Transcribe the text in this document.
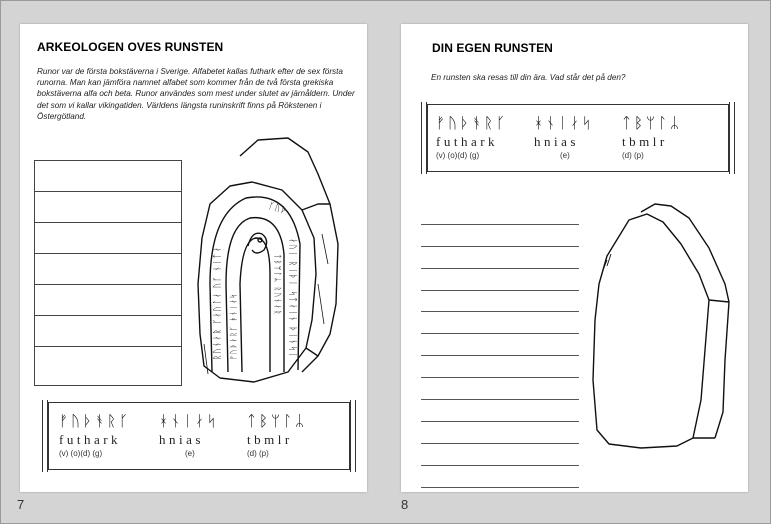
ARKEOLOGEN OVES RUNSTEN
Runor var de första bokstäverna i Sverige. Alfabetet kallas futhark efter de sex första runorna. Man kan jämföra namnet alfabet som kommer från de två första grekiska bokstäverna alfa och beta. Runor användes som mest under slutet av järnåldern. Under det som vi kallar vikingatiden. Världens längsta runinskrift finns på Rökstenen i Östergötland.
ᚱᚢᚾᛅᚱ ᚴᛅᚢᛚᛅ ᚢᚴ ᚾᛁᛏᛅ ᚠᚢᚦᛅᚱᚴ ᚼᚾᛁᛅᛋ
ᛏᛒᛘᛚᛦ ᚱᚢᚾᛅᚱ ᛅᚢᛁ ᚱᛁᚦᛁ ᛋᛏᛅᛁᚾ ᚦᛁᚾᛋᛁ
ᚴᚢᚦ
ᚠᚢᚦᚬᚱᚴ
futhark
(v) (o)(d) (g)
ᚼᚾᛁᛅᛋ
hnias
(e)
ᛏᛒᛘᛚᛦ
tbmlr
(d) (p)
7
DIN EGEN RUNSTEN
En runsten ska resas till din ära. Vad står det på den?
ᚠᚢᚦᚬᚱᚴ
futhark
(v) (o)(d) (g)
ᚼᚾᛁᛅᛋ
hnias
(e)
ᛏᛒᛘᛚᛦ
tbmlr
(d) (p)
8
